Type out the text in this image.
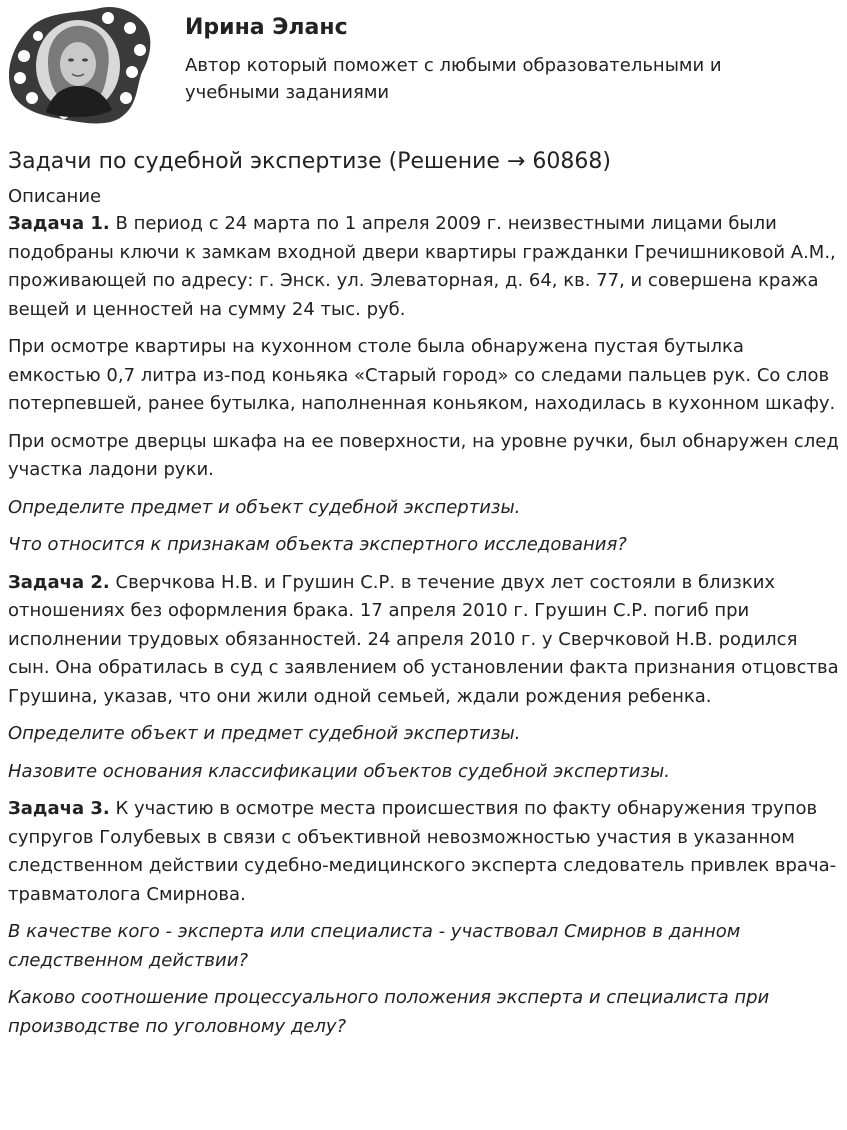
Ирина Эланс

Автор который поможет с любыми образовательными и учебными заданиями

Задачи по судебной экспертизе (Решение → 60868)
Описание

Задача 1. В период с 24 марта по 1 апреля 2009 г. неизвестными лицами были подобраны ключи к замкам входной двери квартиры гражданки Гречишниковой А.М., проживающей по адресу: г. Энск. ул. Элеваторная, д. 64, кв. 77, и совершена кража вещей и ценностей на сумму 24 тыс. руб.

При осмотре квартиры на кухонном столе была обнаружена пустая бутылка емкостью 0,7 литра из-под коньяка «Старый город» со следами пальцев рук. Со слов потерпевшей, ранее бутылка, наполненная коньяком, находилась в кухонном шкафу.

При осмотре дверцы шкафа на ее поверхности, на уровне ручки, был обнаружен след участка ладони руки.

Определите предмет и объект судебной экспертизы.

Что относится к признакам объекта экспертного исследования?

Задача 2. Сверчкова Н.В. и Грушин С.Р. в течение двух лет состояли в близких отношениях без оформления брака. 17 апреля 2010 г. Грушин С.Р. погиб при исполнении трудовых обязанностей. 24 апреля 2010 г. у Сверчковой Н.В. родился сын. Она обратилась в суд с заявлением об установлении факта признания отцовства Грушина, указав, что они жили одной семьей, ждали рождения ребенка.

Определите объект и предмет судебной экспертизы.

Назовите основания классификации объектов судебной экспертизы.

Задача 3. К участию в осмотре места происшествия по факту обнаружения трупов супругов Голубевых в связи с объективной невозможностью участия в указанном следственном действии судебно-медицинского эксперта следователь привлек врача-травматолога Смирнова.

В качестве кого - эксперта или специалиста - участвовал Смирнов в данном следственном действии?

Каково соотношение процессуального положения эксперта и специалиста при производстве по уголовному делу?
